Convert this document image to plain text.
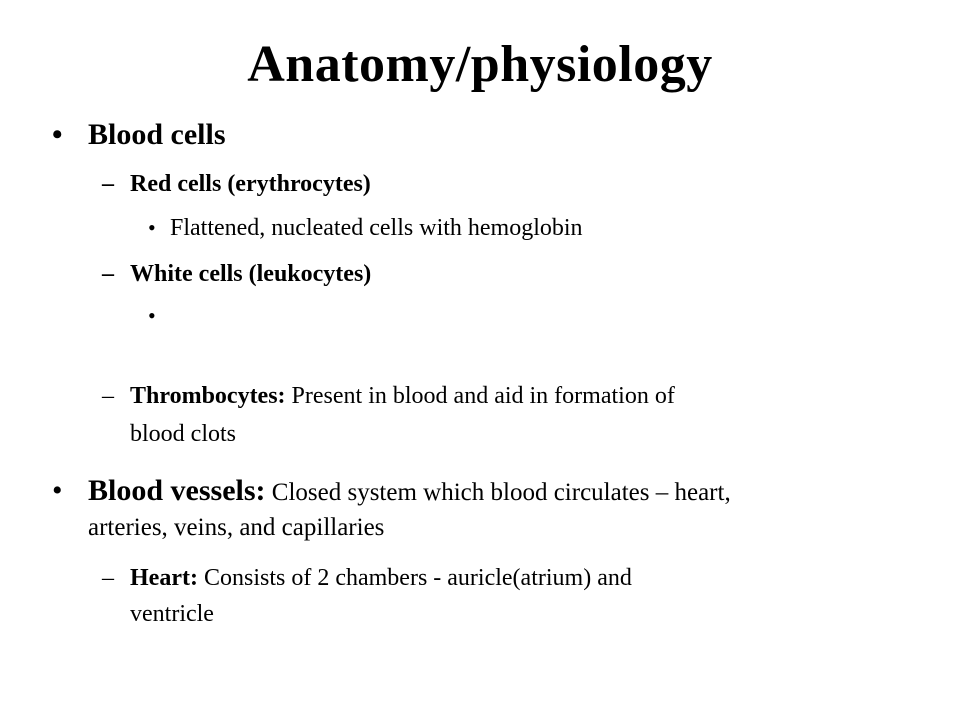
Anatomy/physiology
• Blood cells
– Red cells (erythrocytes)
• Flattened, nucleated cells with hemoglobin
– White cells (leukocytes)
•
– Thrombocytes: Present in blood and aid in formation of
blood clots
• Blood vessels: Closed system which blood circulates – heart,
arteries, veins, and capillaries
– Heart: Consists of 2 chambers - auricle(atrium) and
ventricle
